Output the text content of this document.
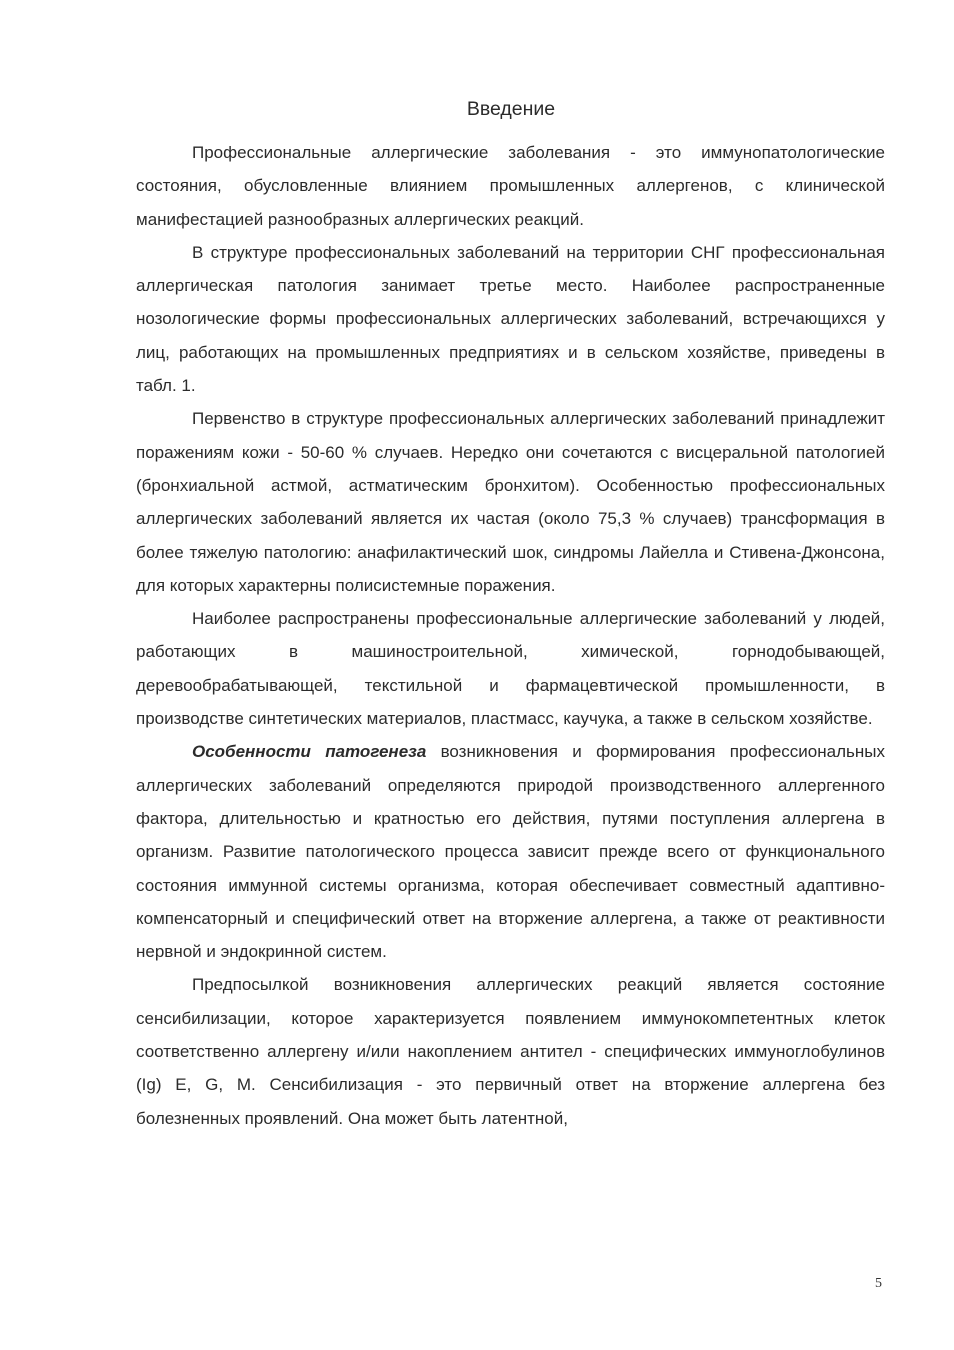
Введение

Профессиональные аллергические заболевания - это иммунопатологические состояния, обусловленные влиянием промышленных аллергенов, с клинической манифестацией разнообразных аллергических реакций.

В структуре профессиональных заболеваний на территории СНГ профессиональная аллергическая патология занимает третье место. Наиболее распространенные нозологические формы профессиональных аллергических заболеваний, встречающихся у лиц, работающих на промышленных предприятиях и в сельском хозяйстве, приведены в табл. 1.

Первенство в структуре профессиональных аллергических заболеваний принадлежит поражениям кожи - 50-60 % случаев. Нередко они сочетаются с висцеральной патологией (бронхиальной астмой, астматическим бронхитом). Особенностью профессиональных аллергических заболеваний является их частая (около 75,3 % случаев) трансформация в более тяжелую патологию: анафилактический шок, синдромы Лайелла и Стивена-Джонсона, для которых характерны полисистемные поражения.

Наиболее распространены профессиональные аллергические заболеваний у людей, работающих в машиностроительной, химической, горнодобывающей, деревообрабатывающей, текстильной и фармацевтической промышленности, в производстве синтетических материалов, пластмасс, каучука, а также в сельском хозяйстве.

Особенности патогенеза возникновения и формирования профессиональных аллергических заболеваний определяются природой производственного аллергенного фактора, длительностью и кратностью его действия, путями поступления аллергена в организм. Развитие патологического процесса зависит прежде всего от функционального состояния иммунной системы организма, которая обеспечивает совместный адаптивно-компенсаторный и специфический ответ на вторжение аллергена, а также от реактивности нервной и эндокринной систем.

Предпосылкой возникновения аллергических реакций является состояние сенсибилизации, которое характеризуется появлением иммунокомпетентных клеток соответственно аллергену и/или накоплением антител - специфических иммуноглобулинов (Ig) E, G, M. Сенсибилизация - это первичный ответ на вторжение аллергена без болезненных проявлений. Она может быть латентной,

5
